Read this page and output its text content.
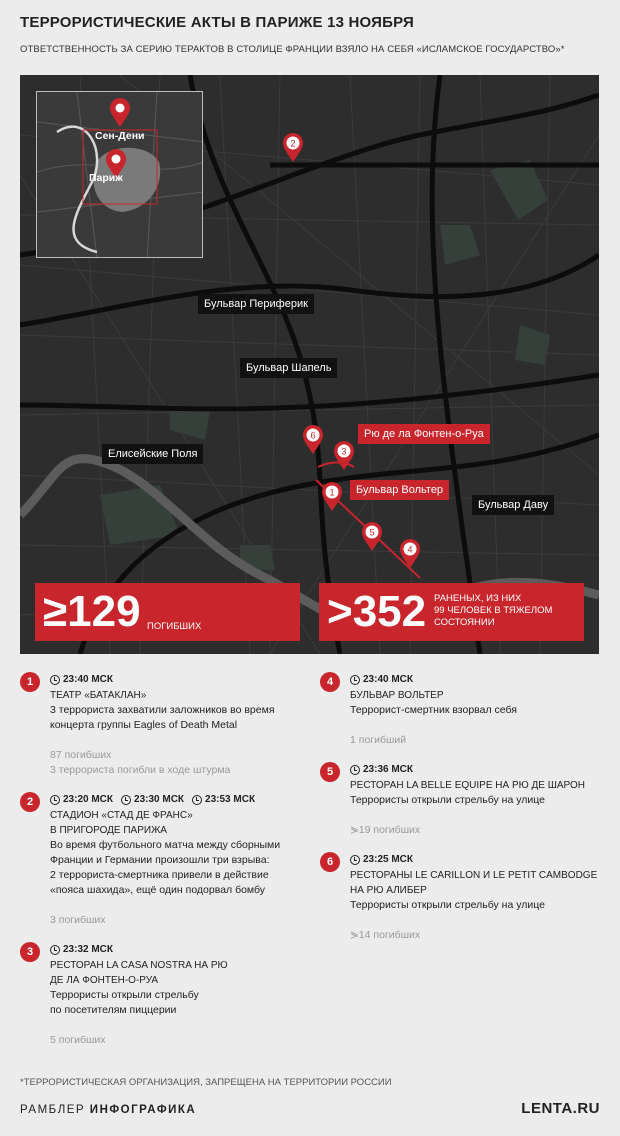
ТЕРРОРИСТИЧЕСКИЕ АКТЫ В ПАРИЖЕ 13 НОЯБРЯ
ОТВЕТСТВЕННОСТЬ ЗА СЕРИЮ ТЕРАКТОВ В СТОЛИЦЕ ФРАНЦИИ ВЗЯЛО НА СЕБЯ «ИСЛАМСКОЕ ГОСУДАРСТВО»*
Сен-Дени
Париж
Бульвар Периферик
Бульвар Шапель
Елисейские Поля
Рю де ла Фонтен-о-Руа
Бульвар Вольтер
Бульвар Даву
2
6
3
1
5
4
≥129 ПОГИБШИХ	>352 РАНЕНЫХ, ИЗ НИХ
99 ЧЕЛОВЕК В ТЯЖЕЛОМ
СОСТОЯНИИ
1	23:40 МСК
ТЕАТР «БАТАКЛАН»
3 террориста захватили заложников во время
концерта группы Eagles of Death Metal
87 погибших
3 террориста погибли в ходе штурма
2	23:20 МСК 23:30 МСК 23:53 МСК
СТАДИОН «СТАД ДЕ ФРАНС»
В ПРИГОРОДЕ ПАРИЖА
Во время футбольного матча между сборными
Франции и Германии произошли три взрыва:
2 террориста-смертника привели в действие
«пояса шахида», ещё один подорвал бомбу
3 погибших
3	23:32 МСК
РЕСТОРАН LA CASA NOSTRA НА РЮ
ДЕ ЛА ФОНТЕН-О-РУА
Террористы открыли стрельбу
по посетителям пиццерии
5 погибших
4	23:40 МСК
БУЛЬВАР ВОЛЬТЕР
Террорист-смертник взорвал себя
1 погибший
5	23:36 МСК
РЕСТОРАН LA BELLE EQUIPE НА РЮ ДЕ ШАРОН
Террористы открыли стрельбу на улице
⋟19 погибших
6	23:25 МСК
РЕСТОРАНЫ LE CARILLON И LE PETIT CAMBODGE
НА РЮ АЛИБЕР
Террористы открыли стрельбу на улице
⋟14 погибших
*ТЕРРОРИСТИЧЕСКАЯ ОРГАНИЗАЦИЯ, ЗАПРЕЩЕНА НА ТЕРРИТОРИИ РОССИИ
РАМБЛЕР ИНФОГРАФИКА	LENTA.RU
